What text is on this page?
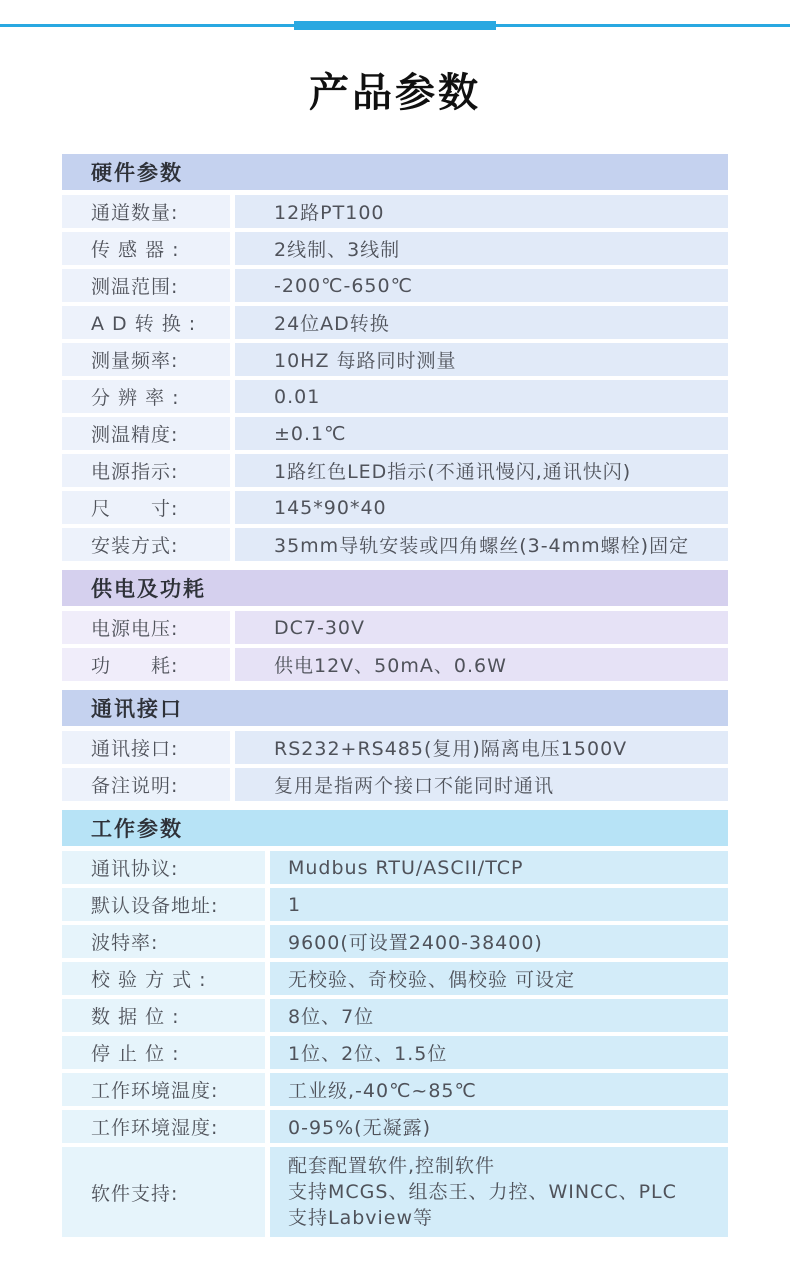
产品参数
硬件参数
通道数量:	12路PT100
传 感 器 :	2线制、3线制
测温范围:	-200℃-650℃
A D 转 换 :	24位AD转换
测量频率:	10HZ 每路同时测量
分 辨 率 :	0.01
测温精度:	±0.1℃
电源指示:	1路红色LED指示(不通讯慢闪,通讯快闪)
尺　　寸:	145*90*40
安装方式:	35mm导轨安装或四角螺丝(3-4mm螺栓)固定
供电及功耗
电源电压:	DC7-30V
功　　耗:	供电12V、50mA、0.6W
通讯接口
通讯接口:	RS232+RS485(复用)隔离电压1500V
备注说明:	复用是指两个接口不能同时通讯
工作参数
通讯协议:	Mudbus RTU/ASCII/TCP
默认设备地址:	1
波特率:	9600(可设置2400-38400)
校 验 方 式 :	无校验、奇校验、偶校验 可设定
数 据 位 :	8位、7位
停 止 位 :	1位、2位、1.5位
工作环境温度:	工业级,-40℃~85℃
工作环境湿度:	0-95%(无凝露)
软件支持:
配套配置软件,控制软件
支持MCGS、组态王、力控、WINCC、PLC
支持Labview等
